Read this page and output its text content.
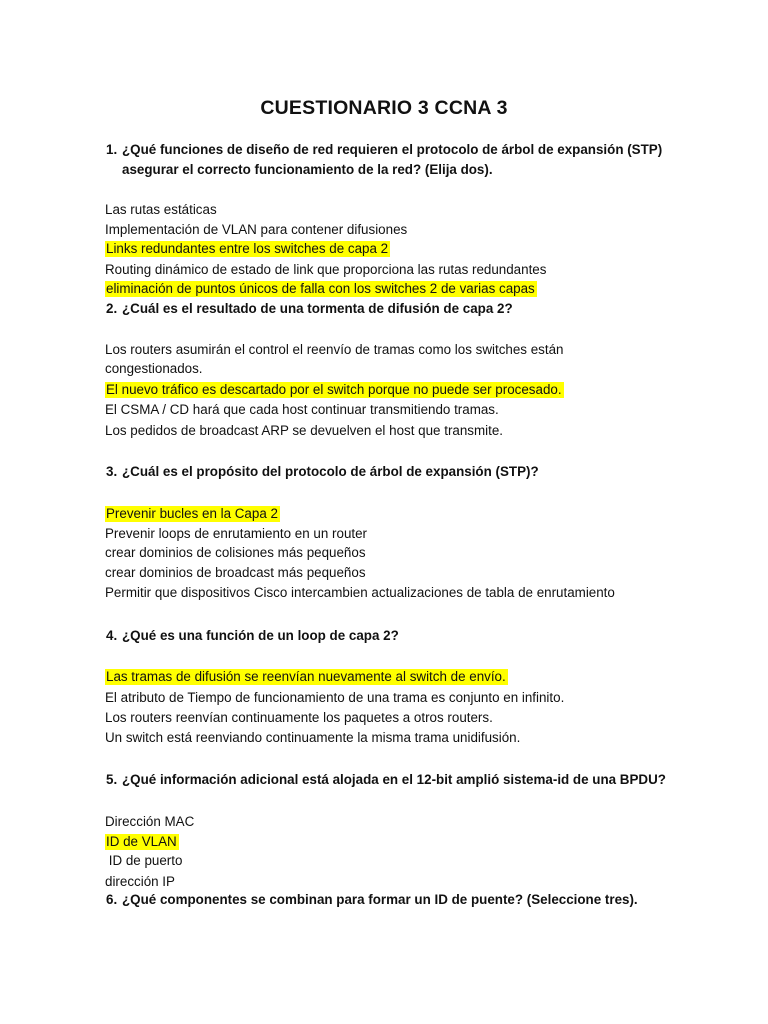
CUESTIONARIO 3 CCNA 3
1. ¿Qué funciones de diseño de red requieren el protocolo de árbol de expansión (STP)
asegurar el correcto funcionamiento de la red? (Elija dos).
Las rutas estáticas
Implementación de VLAN para contener difusiones
Links redundantes entre los switches de capa 2
Routing dinámico de estado de link que proporciona las rutas redundantes
eliminación de puntos únicos de falla con los switches 2 de varias capas
2. ¿Cuál es el resultado de una tormenta de difusión de capa 2?
Los routers asumirán el control el reenvío de tramas como los switches están
congestionados.
El nuevo tráfico es descartado por el switch porque no puede ser procesado.
El CSMA / CD hará que cada host continuar transmitiendo tramas.
Los pedidos de broadcast ARP se devuelven el host que transmite.
3. ¿Cuál es el propósito del protocolo de árbol de expansión (STP)?
Prevenir bucles en la Capa 2
Prevenir loops de enrutamiento en un router
crear dominios de colisiones más pequeños
crear dominios de broadcast más pequeños
Permitir que dispositivos Cisco intercambien actualizaciones de tabla de enrutamiento
4. ¿Qué es una función de un loop de capa 2?
Las tramas de difusión se reenvían nuevamente al switch de envío.
El atributo de Tiempo de funcionamiento de una trama es conjunto en infinito.
Los routers reenvían continuamente los paquetes a otros routers.
Un switch está reenviando continuamente la misma trama unidifusión.
5. ¿Qué información adicional está alojada en el 12-bit amplió sistema-id de una BPDU?
Dirección MAC
ID de VLAN
ID de puerto
dirección IP
6. ¿Qué componentes se combinan para formar un ID de puente? (Seleccione tres).
